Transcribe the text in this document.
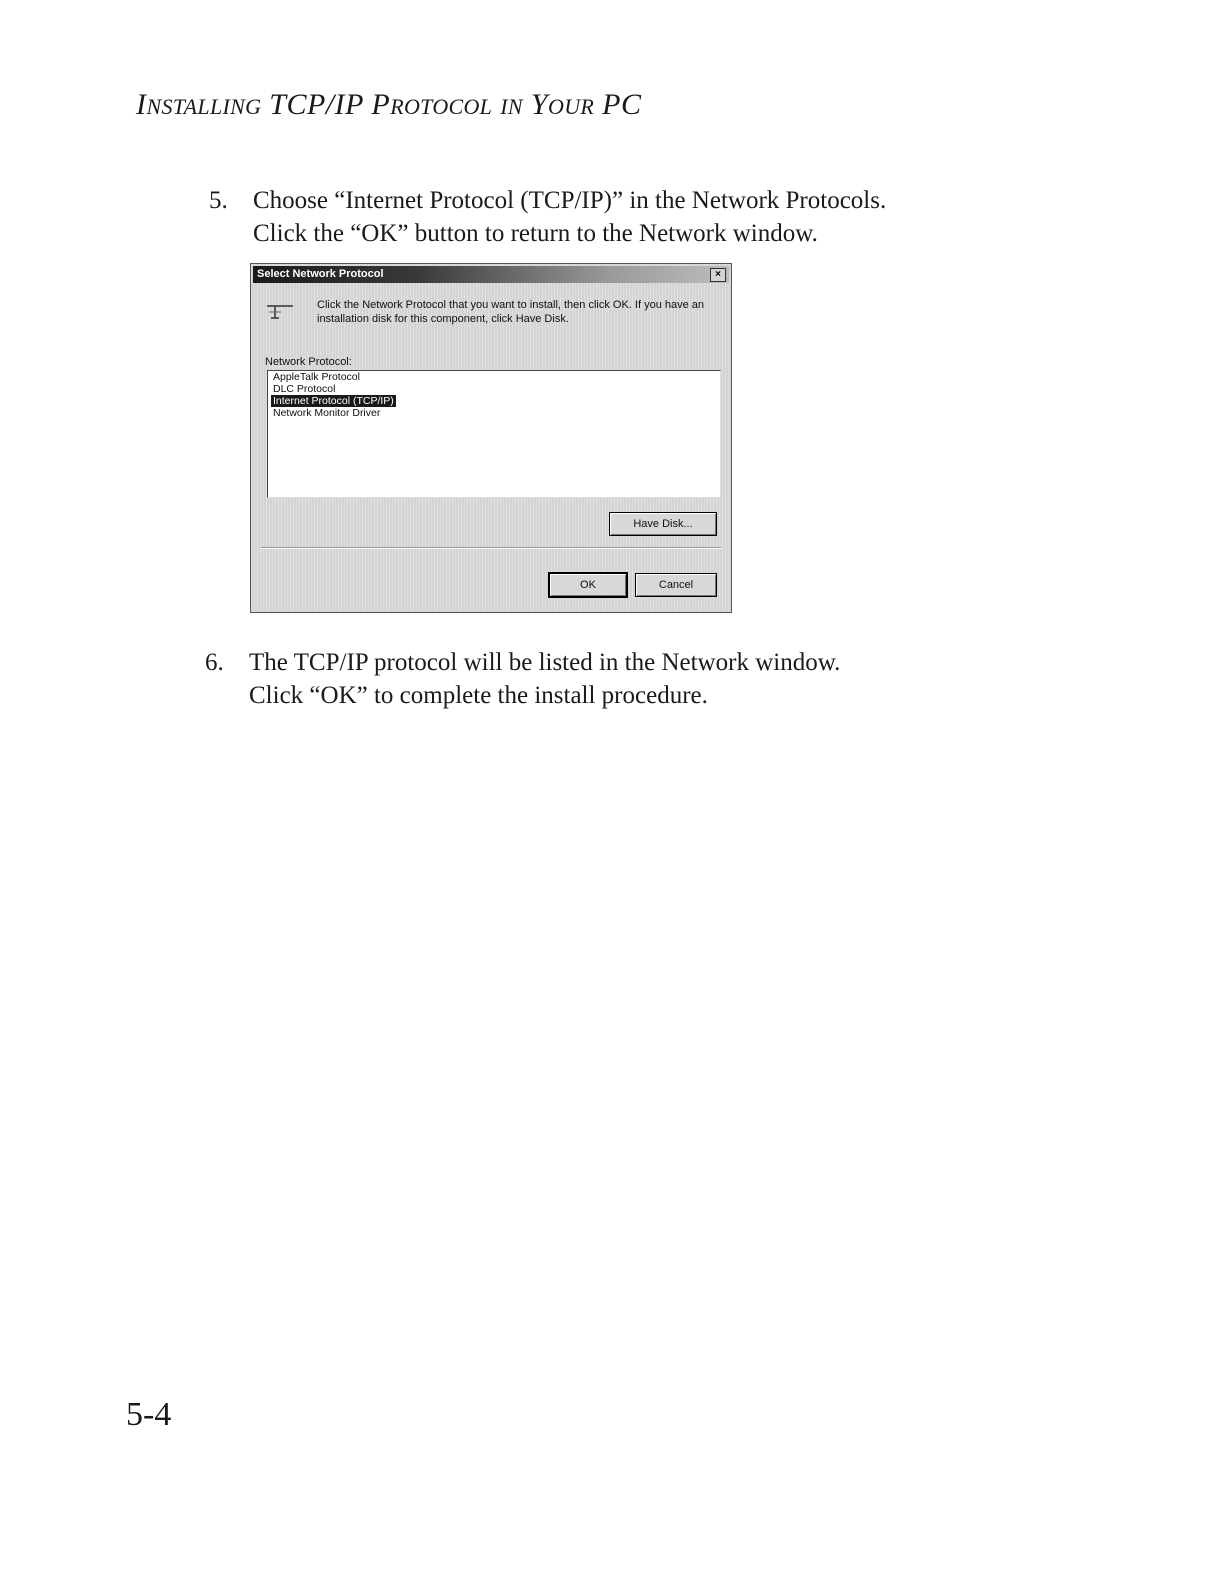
INSTALLING TCP/IP PROTOCOL IN YOUR PC
5. Choose “Internet Protocol (TCP/IP)” in the Network Protocols.
Click the “OK” button to return to the Network window.
Select Network Protocol	×
Click the Network Protocol that you want to install, then click OK. If you have an installation disk for this component, click Have Disk.
Network Protocol:
AppleTalk Protocol
DLC Protocol
Internet Protocol (TCP/IP)
Network Monitor Driver
Have Disk...
OK	Cancel
6. The TCP/IP protocol will be listed in the Network window.
Click “OK” to complete the install procedure.
5-4
